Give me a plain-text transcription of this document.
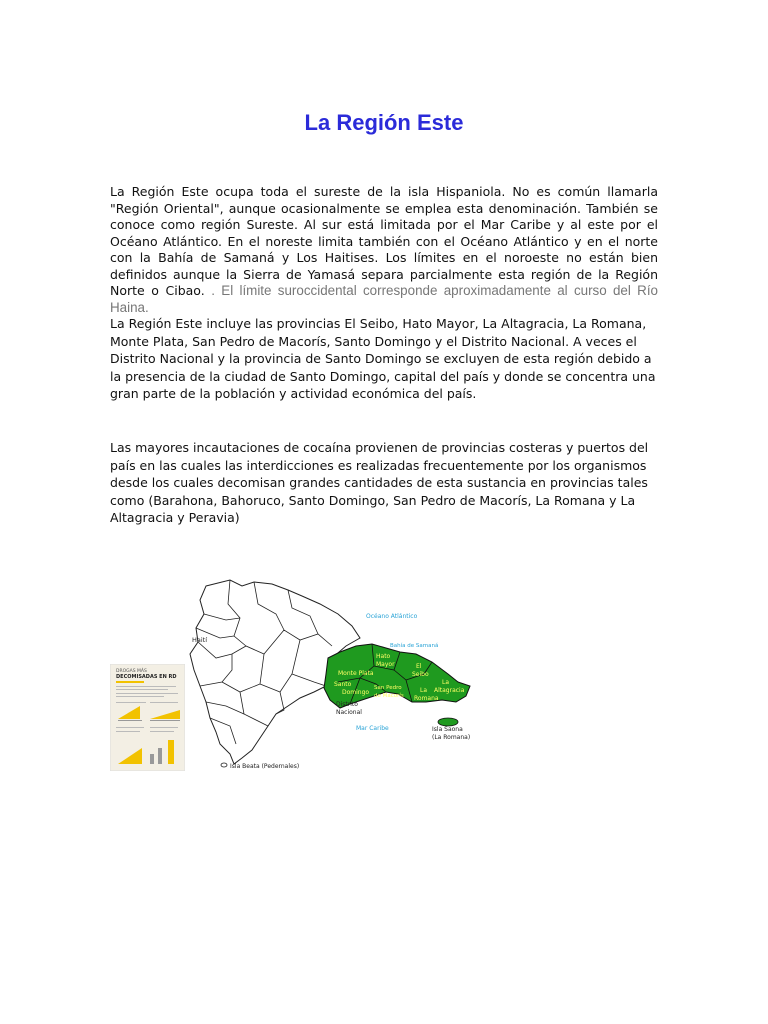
La Región Este
La Región Este ocupa toda el sureste de la isla Hispaniola. No es común llamarla "Región Oriental", aunque ocasionalmente se emplea esta denominación. También se conoce como región Sureste. Al sur está limitada por el Mar Caribe y al este por el Océano Atlántico. En el noreste limita también con el Océano Atlántico y en el norte con la Bahía de Samaná y Los Haitises. Los límites en el noroeste no están bien definidos aunque la Sierra de Yamasá separa parcialmente esta región de la Región Norte o Cibao. . El límite suroccidental corresponde aproximadamente al curso del Río Haina.
La Región Este incluye las provincias El Seibo, Hato Mayor, La Altagracia, La Romana, Monte Plata, San Pedro de Macorís, Santo Domingo y el Distrito Nacional. A veces el Distrito Nacional y la provincia de Santo Domingo se excluyen de esta región debido a la presencia de la ciudad de Santo Domingo, capital del país y donde se concentra una gran parte de la población y actividad económica del país.
Las mayores incautaciones de cocaína provienen de provincias costeras y puertos del país en las cuales las interdicciones es realizadas frecuentemente por los organismos desde los cuales decomisan grandes cantidades de esta sustancia en provincias tales como (Barahona, Bahoruco, Santo Domingo, San Pedro de Macorís, La Romana y La Altagracia y Peravia)
DROGAS MÁS
DECOMISADAS EN RD
Haití
Océano Atlántico
Bahía de Samaná
Mar Caribe
Monte Plata
Hato
Mayor	El
Seibo
Santo
Domingo
San Pedro
de Macorís
La
Romana
La
Altagracia
Distrito
Nacional
Isla Saona
(La Romana)
Isla Beata (Pedernales)
